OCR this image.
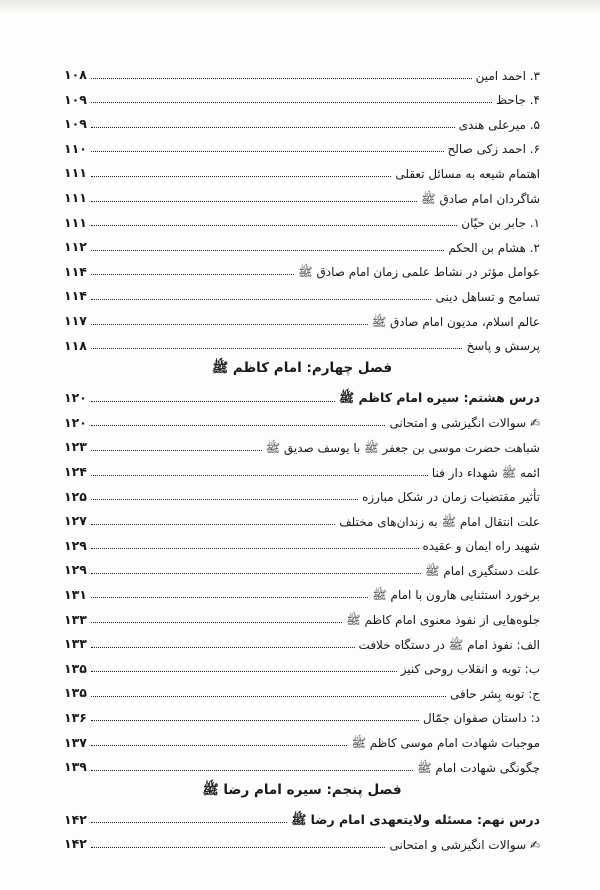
۳. احمد امین
۱۰۸
۴. جاحظ
۱۰۹
۵. میرعلی هندی
۱۰۹
۶. احمد زکی صالح
۱۱۰
اهتمام شیعه به مسائل تعقلی
۱۱۱
شاگردان امام صادق ﷺ
۱۱۱
۱. جابر بن حیّان
۱۱۱
۲. هشام بن الحکم
۱۱۲
عوامل مؤثر در نشاط علمی زمان امام صادق ﷺ
۱۱۴
تسامح و تساهل دینی
۱۱۴
عالم اسلام، مدیون امام صادق ﷺ
۱۱۷
پرسش و پاسخ
۱۱۸
فصل چهارم: امام کاظم ﷺ
درس هشتم: سیره امام کاظم ﷺ
۱۲۰
✍ سوالات انگیزشی و امتحانی
۱۲۰
شباهت حضرت موسی بن جعفر ﷺ با یوسف صدیق ﷺ
۱۲۳
ائمه ﷺ شهداء دار فنا
۱۲۴
تأثیر مقتضیات زمان در شکل مبارزه
۱۲۵
علت انتقال امام ﷺ به زندان‌های مختلف
۱۲۷
شهید راه ایمان و عقیده
۱۲۹
علت دستگیری امام ﷺ
۱۲۹
برخورد استثنایی هارون با امام ﷺ
۱۳۱
جلوه‌هایی از نفوذ معنوی امام کاظم ﷺ
۱۳۳
الف: نفوذ امام ﷺ در دستگاه خلافت
۱۳۳
ب: توبه و انقلاب روحی کنیز
۱۳۵
ج: توبه بِشر حافی
۱۳۵
د: داستان صفوان جمّال
۱۳۶
موجبات شهادت امام موسی کاظم ﷺ
۱۳۷
چگونگی شهادت امام ﷺ
۱۳۹
فصل پنجم: سیره امام رضا ﷺ
درس نهم: مسئله ولایتعهدی امام رضا ﷺ
۱۴۲
✍ سوالات انگیزشی و امتحانی
۱۴۲
